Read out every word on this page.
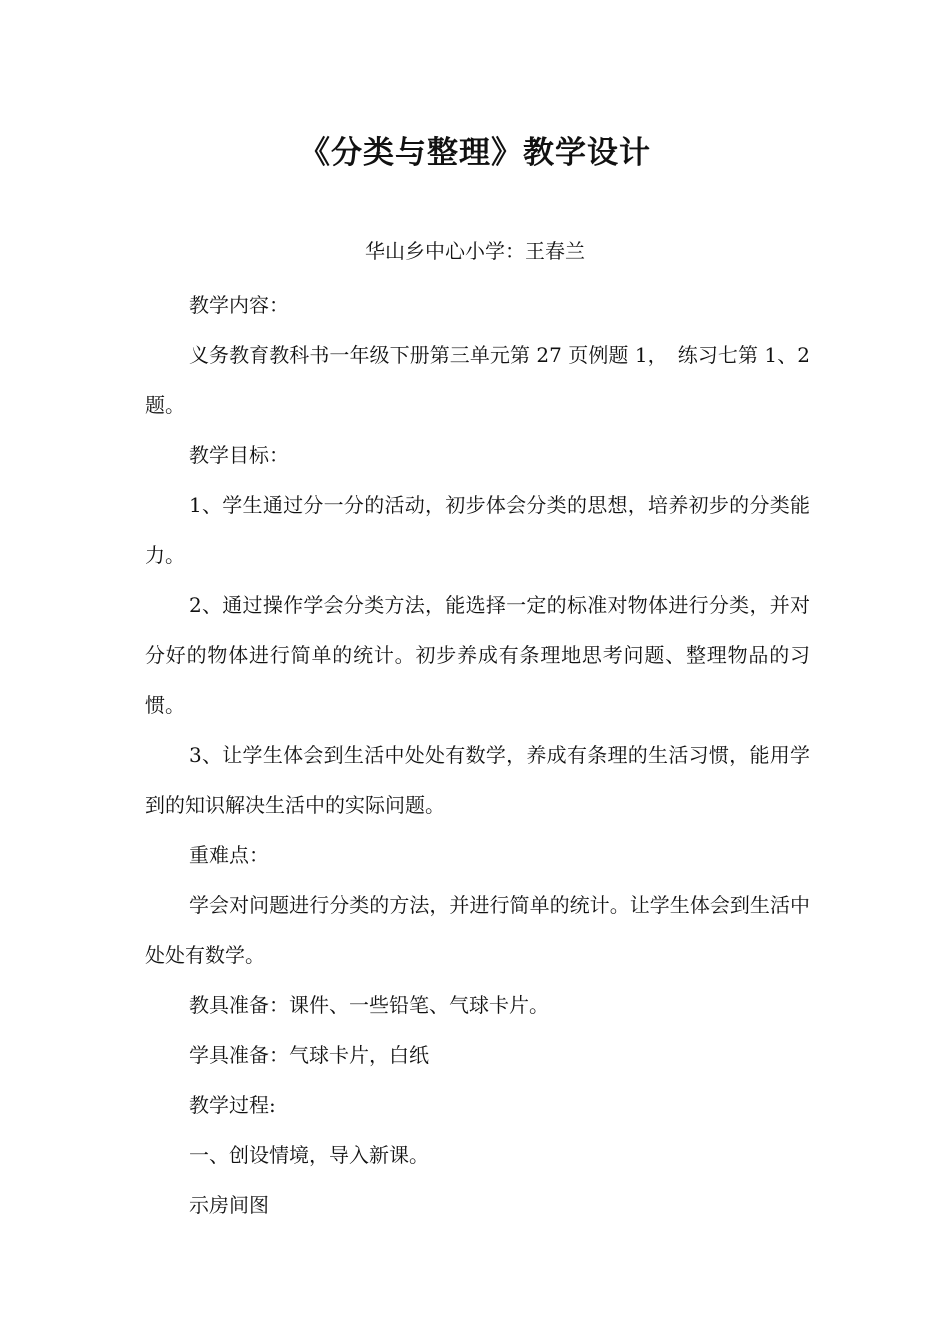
《分类与整理》教学设计
华山乡中心小学：王春兰

教学内容：

义务教育教科书一年级下册第三单元第 27 页例题 1，　练习七第 1、2 题。

教学目标：

1、学生通过分一分的活动，初步体会分类的思想，培养初步的分类能力。

2、通过操作学会分类方法，能选择一定的标准对物体进行分类，并对分好的物体进行简单的统计。初步养成有条理地思考问题、整理物品的习惯。

3、让学生体会到生活中处处有数学，养成有条理的生活习惯，能用学到的知识解决生活中的实际问题。

重难点：

学会对问题进行分类的方法，并进行简单的统计。让学生体会到生活中处处有数学。

教具准备：课件、一些铅笔、气球卡片。

学具准备：气球卡片，白纸

教学过程:

一、创设情境，导入新课。

示房间图
